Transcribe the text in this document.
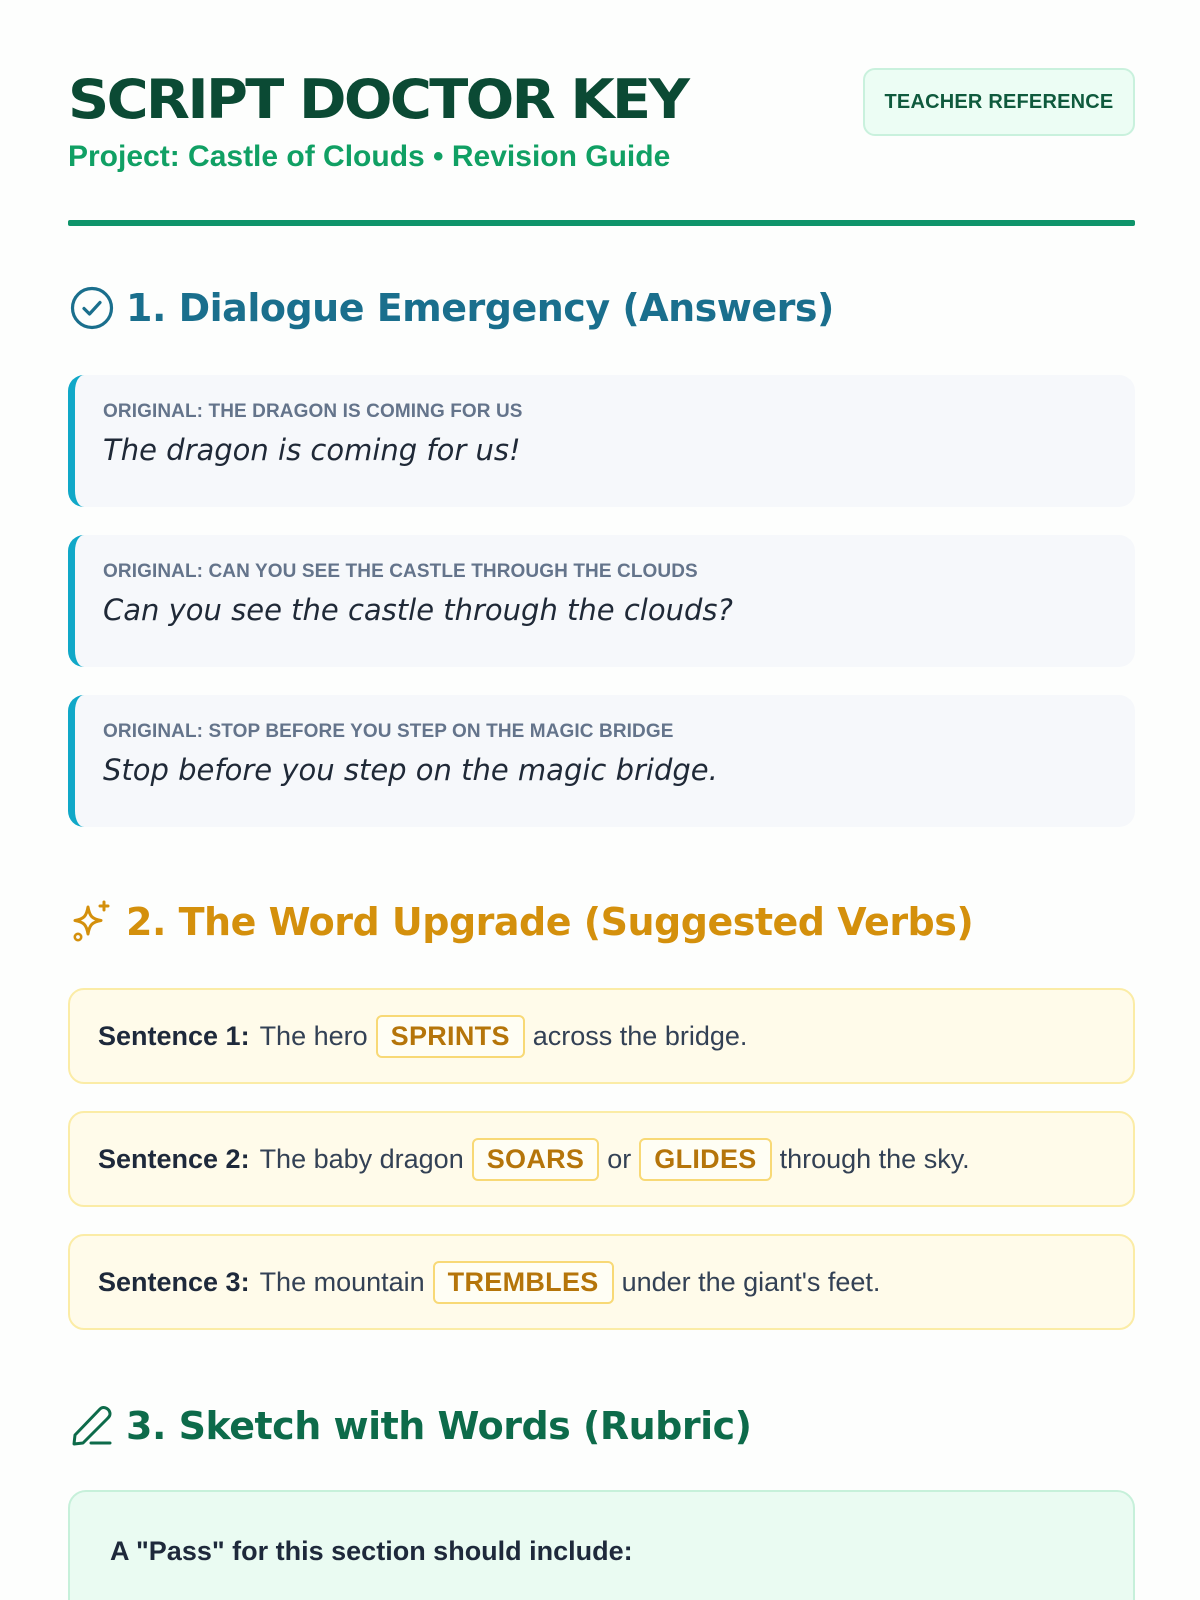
SCRIPT DOCTOR KEY
Project: Castle of Clouds • Revision Guide
TEACHER REFERENCE
1. Dialogue Emergency (Answers)
ORIGINAL: THE DRAGON IS COMING FOR US
The dragon is coming for us!
ORIGINAL: CAN YOU SEE THE CASTLE THROUGH THE CLOUDS
Can you see the castle through the clouds?
ORIGINAL: STOP BEFORE YOU STEP ON THE MAGIC BRIDGE
Stop before you step on the magic bridge.
2. The Word Upgrade (Suggested Verbs)
Sentence 1: The hero SPRINTS across the bridge.
Sentence 2: The baby dragon SOARS or GLIDES through the sky.
Sentence 3: The mountain TREMBLES under the giant's feet.
3. Sketch with Words (Rubric)
A "Pass" for this section should include:
